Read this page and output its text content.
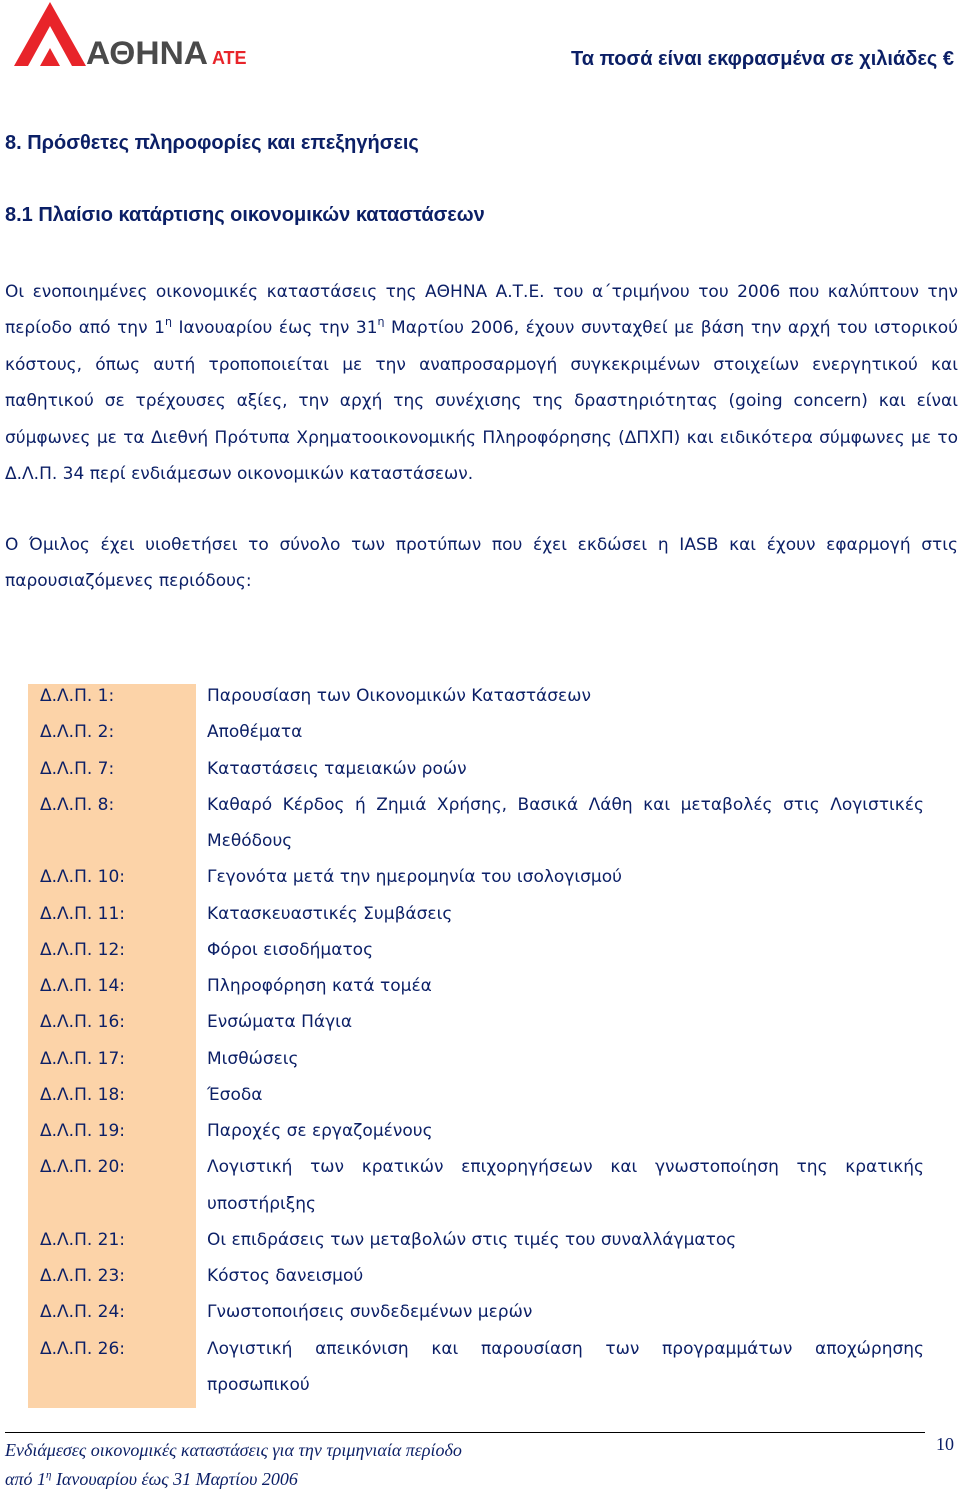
ΑΘΗΝΑ ΑΤΕ	Τα ποσά είναι εκφρασμένα σε χιλιάδες €
8. Πρόσθετες πληροφορίες και επεξηγήσεις
8.1 Πλαίσιο κατάρτισης οικονομικών καταστάσεων
Οι ενοποιημένες οικονομικές καταστάσεις της ΑΘΗΝΑ Α.Τ.Ε. του α΄τριμήνου του 2006 που καλύπτουν την περίοδο από την $1^\eta$ Ιανουαρίου έως την $31^\eta$ Μαρτίου 2006, έχουν συνταχθεί με βάση την αρχή του ιστορικού κόστους, όπως αυτή τροποποιείται με την αναπροσαρμογή συγκεκριμένων στοιχείων ενεργητικού και παθητικού σε τρέχουσες αξίες, την αρχή της συνέχισης της δραστηριότητας (going concern) και είναι σύμφωνες με τα Διεθνή Πρότυπα Χρηματοοικονομικής Πληροφόρησης (ΔΠΧΠ) και ειδικότερα σύμφωνες με το Δ.Λ.Π. 34 περί ενδιάμεσων οικονομικών καταστάσεων.
Ο Όμιλος έχει υιοθετήσει το σύνολο των προτύπων που έχει εκδώσει η IASB και έχουν εφαρμογή στις παρουσιαζόμενες περιόδους:
Δ.Λ.Π. 1:	Παρουσίαση των Οικονομικών Καταστάσεων
Δ.Λ.Π. 2:	Αποθέματα
Δ.Λ.Π. 7:	Καταστάσεις ταμειακών ροών
Δ.Λ.Π. 8:	Καθαρό Κέρδος ή Ζημιά Χρήσης, Βασικά Λάθη και μεταβολές στις Λογιστικές Μεθόδους
Δ.Λ.Π. 10:	Γεγονότα μετά την ημερομηνία του ισολογισμού
Δ.Λ.Π. 11:	Κατασκευαστικές Συμβάσεις
Δ.Λ.Π. 12:	Φόροι εισοδήματος
Δ.Λ.Π. 14:	Πληροφόρηση κατά τομέα
Δ.Λ.Π. 16:	Ενσώματα Πάγια
Δ.Λ.Π. 17:	Μισθώσεις
Δ.Λ.Π. 18:	Έσοδα
Δ.Λ.Π. 19:	Παροχές σε εργαζομένους
Δ.Λ.Π. 20:	Λογιστική των κρατικών επιχορηγήσεων και γνωστοποίηση της κρατικής υποστήριξης
Δ.Λ.Π. 21:	Οι επιδράσεις των μεταβολών στις τιμές του συναλλάγματος
Δ.Λ.Π. 23:	Κόστος δανεισμού
Δ.Λ.Π. 24:	Γνωστοποιήσεις συνδεδεμένων μερών
Δ.Λ.Π. 26:	Λογιστική απεικόνιση και παρουσίαση των προγραμμάτων αποχώρησης προσωπικού
Ενδιάμεσες οικονομικές καταστάσεις για την τριμηνιαία περίοδο
από $1^\eta$ Ιανουαρίου έως 31 Μαρτίου 2006
10
